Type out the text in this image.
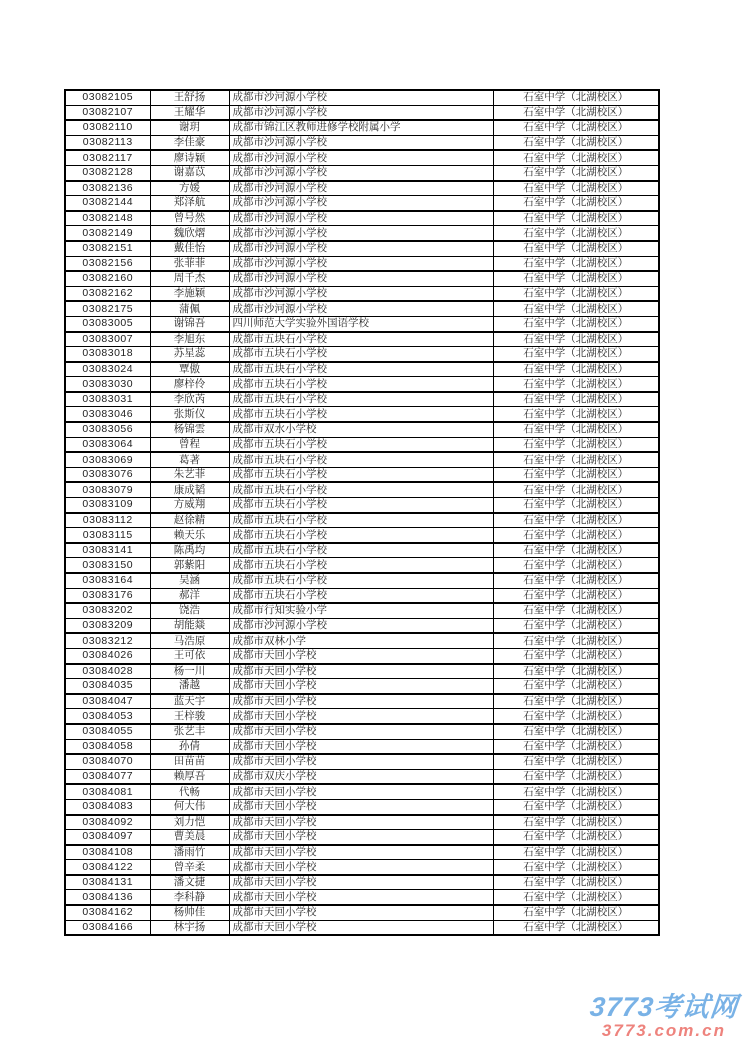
03082105	王舒扬	成都市沙河源小学校	石室中学（北湖校区）
03082107	王耀华	成都市沙河源小学校	石室中学（北湖校区）
03082110	谢玥	成都市锦江区教师进修学校附属小学	石室中学（北湖校区）
03082113	李佳豪	成都市沙河源小学校	石室中学（北湖校区）
03082117	廖诗颖	成都市沙河源小学校	石室中学（北湖校区）
03082128	谢嘉苡	成都市沙河源小学校	石室中学（北湖校区）
03082136	方媛	成都市沙河源小学校	石室中学（北湖校区）
03082144	郑泽航	成都市沙河源小学校	石室中学（北湖校区）
03082148	曾号然	成都市沙河源小学校	石室中学（北湖校区）
03082149	魏欣熠	成都市沙河源小学校	石室中学（北湖校区）
03082151	戴佳怡	成都市沙河源小学校	石室中学（北湖校区）
03082156	张菲菲	成都市沙河源小学校	石室中学（北湖校区）
03082160	周千杰	成都市沙河源小学校	石室中学（北湖校区）
03082162	李施颖	成都市沙河源小学校	石室中学（北湖校区）
03082175	蒲佩	成都市沙河源小学校	石室中学（北湖校区）
03083005	谢锦吾	四川师范大学实验外国语学校	石室中学（北湖校区）
03083007	李旭东	成都市五块石小学校	石室中学（北湖校区）
03083018	苏星蕊	成都市五块石小学校	石室中学（北湖校区）
03083024	覃傲	成都市五块石小学校	石室中学（北湖校区）
03083030	廖梓伶	成都市五块石小学校	石室中学（北湖校区）
03083031	李欣芮	成都市五块石小学校	石室中学（北湖校区）
03083046	张斯仪	成都市五块石小学校	石室中学（北湖校区）
03083056	杨锦雲	成都市双水小学校	石室中学（北湖校区）
03083064	曾程	成都市五块石小学校	石室中学（北湖校区）
03083069	葛著	成都市五块石小学校	石室中学（北湖校区）
03083076	朱艺菲	成都市五块石小学校	石室中学（北湖校区）
03083079	康成韬	成都市五块石小学校	石室中学（北湖校区）
03083109	方威翔	成都市五块石小学校	石室中学（北湖校区）
03083112	赵徐精	成都市五块石小学校	石室中学（北湖校区）
03083115	赖天乐	成都市五块石小学校	石室中学（北湖校区）
03083141	陈禹均	成都市五块石小学校	石室中学（北湖校区）
03083150	郭紫阳	成都市五块石小学校	石室中学（北湖校区）
03083164	吴涵	成都市五块石小学校	石室中学（北湖校区）
03083176	郝洋	成都市五块石小学校	石室中学（北湖校区）
03083202	饶浩	成都市行知实验小学	石室中学（北湖校区）
03083209	胡能燚	成都市沙河源小学校	石室中学（北湖校区）
03083212	马浩原	成都市双林小学	石室中学（北湖校区）
03084026	王可依	成都市天回小学校	石室中学（北湖校区）
03084028	杨一川	成都市天回小学校	石室中学（北湖校区）
03084035	潘越	成都市天回小学校	石室中学（北湖校区）
03084047	蓝天宇	成都市天回小学校	石室中学（北湖校区）
03084053	王梓骏	成都市天回小学校	石室中学（北湖校区）
03084055	张艺丰	成都市天回小学校	石室中学（北湖校区）
03084058	孙倩	成都市天回小学校	石室中学（北湖校区）
03084070	田苗苗	成都市天回小学校	石室中学（北湖校区）
03084077	赖厚吾	成都市双庆小学校	石室中学（北湖校区）
03084081	代畅	成都市天回小学校	石室中学（北湖校区）
03084083	何大伟	成都市天回小学校	石室中学（北湖校区）
03084092	刘力恺	成都市天回小学校	石室中学（北湖校区）
03084097	曹美晨	成都市天回小学校	石室中学（北湖校区）
03084108	潘雨竹	成都市天回小学校	石室中学（北湖校区）
03084122	曾辛柔	成都市天回小学校	石室中学（北湖校区）
03084131	潘文捷	成都市天回小学校	石室中学（北湖校区）
03084136	李科静	成都市天回小学校	石室中学（北湖校区）
03084162	杨帅佳	成都市天回小学校	石室中学（北湖校区）
03084166	林宇扬	成都市天回小学校	石室中学（北湖校区）
3773考试网
3773.com.cn
